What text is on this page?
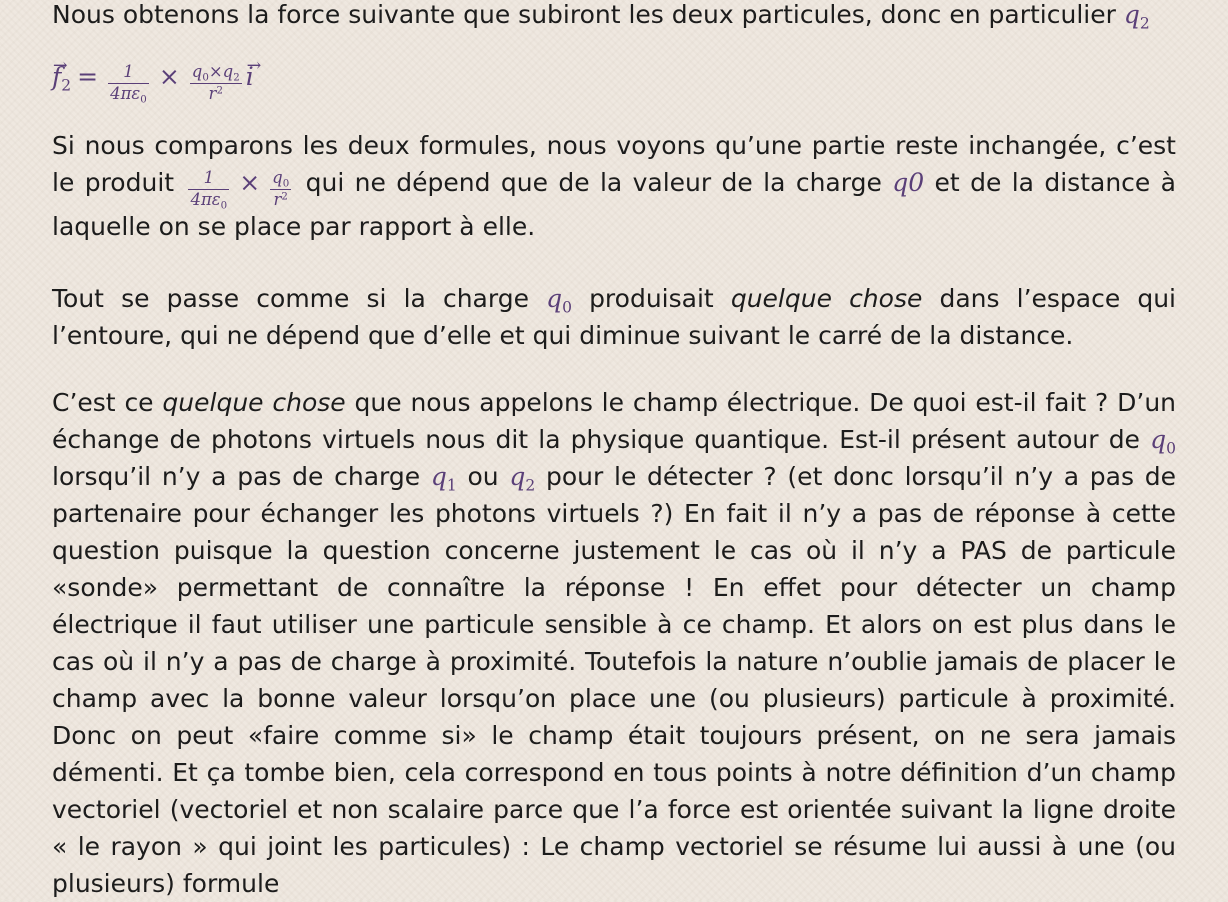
Nous obtenons la force suivante que subiront les deux particules, donc en particulier $q_2$

→ $f_2 = \frac{1}{4\pi\varepsilon_0} \times \frac{q_0\times q_2}{r^2}$
→ i

Si nous comparons les deux formules, nous voyons qu’une partie reste inchangée, c’est le produit $\frac{1}{4\pi\varepsilon_0} \times \frac{q_0}{r^2}$ qui ne dépend que de la valeur de la charge q0 et de la distance à laquelle on se place par rapport à elle.

Tout se passe comme si la charge $q_0$ produisait quelque chose dans l’espace qui l’entoure, qui ne dépend que d’elle et qui diminue suivant le carré de la distance.

C’est ce quelque chose que nous appelons le champ électrique. De quoi est-il fait ? D’un échange de photons virtuels nous dit la physique quantique. Est-il présent autour de $q_0$ lorsqu’il n’y a pas de charge $q_1$ ou $q_2$ pour le détecter ? (et donc lorsqu’il n’y a pas de partenaire pour échanger les photons virtuels ?) En fait il n’y a pas de réponse à cette question puisque la question concerne justement le cas où il n’y a PAS de particule «sonde» permettant de connaître la réponse ! En effet pour détecter un champ électrique il faut utiliser une particule sensible à ce champ. Et alors on est plus dans le cas où il n’y a pas de charge à proximité. Toutefois la nature n’oublie jamais de placer le champ avec la bonne valeur lorsqu’on place une (ou plusieurs) particule à proximité. Donc on peut «faire comme si» le champ était toujours présent, on ne sera jamais démenti. Et ça tombe bien, cela correspond en tous points à notre définition d’un champ vectoriel (vectoriel et non scalaire parce que l’a force est orientée suivant la ligne droite « le rayon » qui joint les particules) : Le champ vectoriel se résume lui aussi à une (ou plusieurs) formule
